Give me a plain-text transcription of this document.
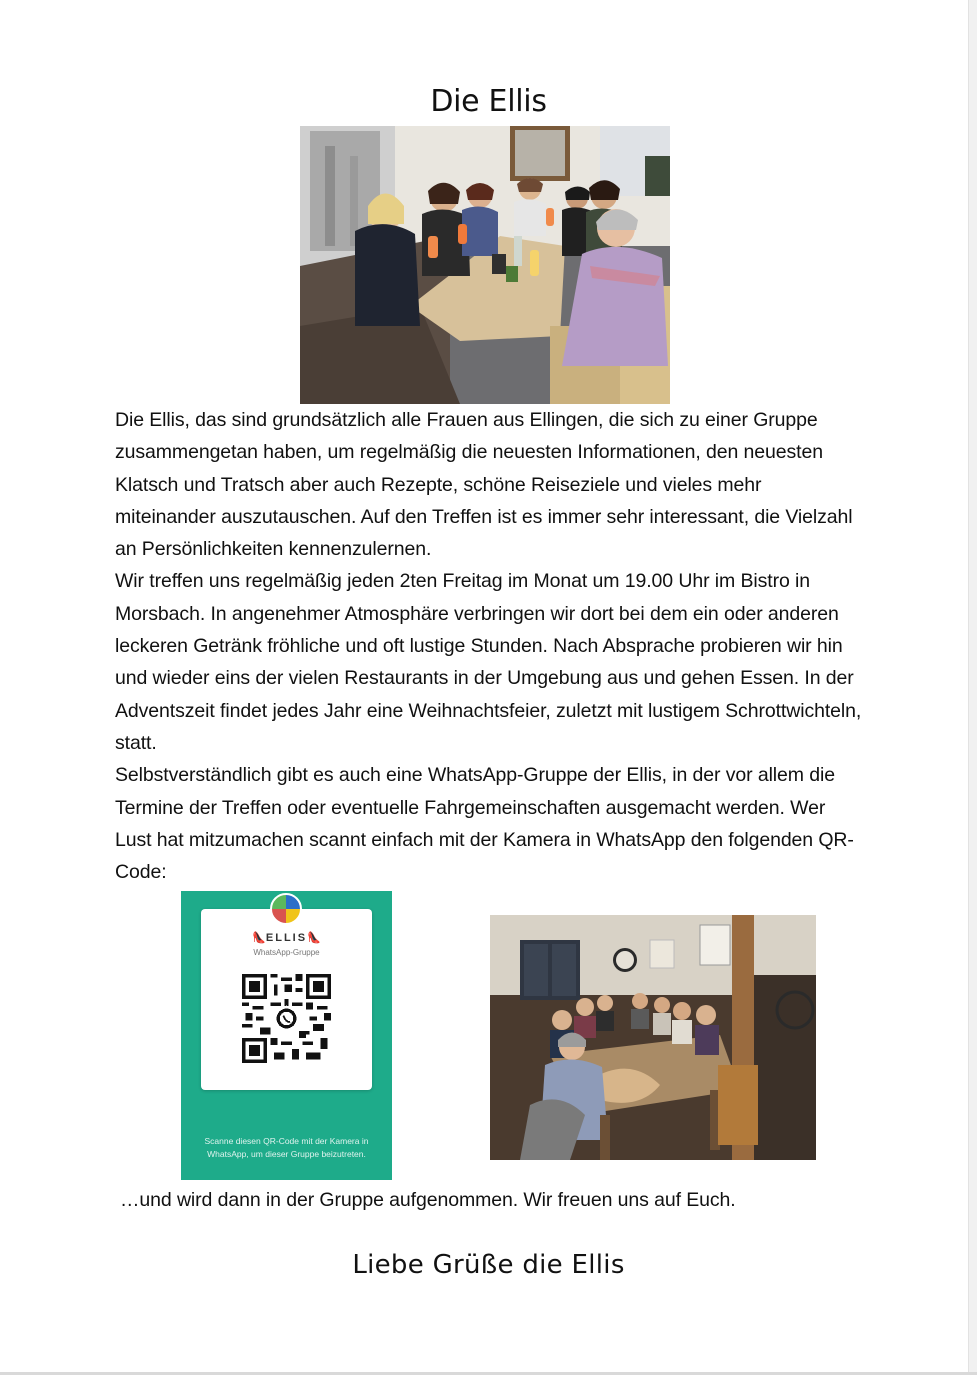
Die Ellis

Die Ellis, das sind grundsätzlich alle Frauen aus Ellingen, die sich zu einer Gruppe zusammengetan haben, um regelmäßig die neuesten Informationen, den neuesten Klatsch und Tratsch aber auch Rezepte, schöne Reiseziele und vieles mehr miteinander auszutauschen. Auf den Treffen ist es immer sehr interessant, die Vielzahl an Persönlichkeiten kennenzulernen.

Wir treffen uns regelmäßig jeden 2ten Freitag im Monat um 19.00 Uhr im Bistro in Morsbach. In angenehmer Atmosphäre verbringen wir dort bei dem ein oder anderen leckeren Getränk fröhliche und oft lustige Stunden. Nach Absprache probieren wir hin und wieder eins der vielen Restaurants in der Umgebung aus und gehen Essen. In der Adventszeit findet jedes Jahr eine Weihnachtsfeier, zuletzt mit lustigem Schrottwichteln, statt.

Selbstverständlich gibt es auch eine WhatsApp-Gruppe der Ellis, in der vor allem die Termine der Treffen oder eventuelle Fahrgemeinschaften ausgemacht werden. Wer Lust hat mitzumachen scannt einfach mit der Kamera in WhatsApp den folgenden QR-Code:

👠ELLIS👠
WhatsApp-Gruppe
Scanne diesen QR-Code mit der Kamera in WhatsApp, um dieser Gruppe beizutreten.
…und wird dann in der Gruppe aufgenommen. Wir freuen uns auf Euch.
Liebe Grüße die Ellis
